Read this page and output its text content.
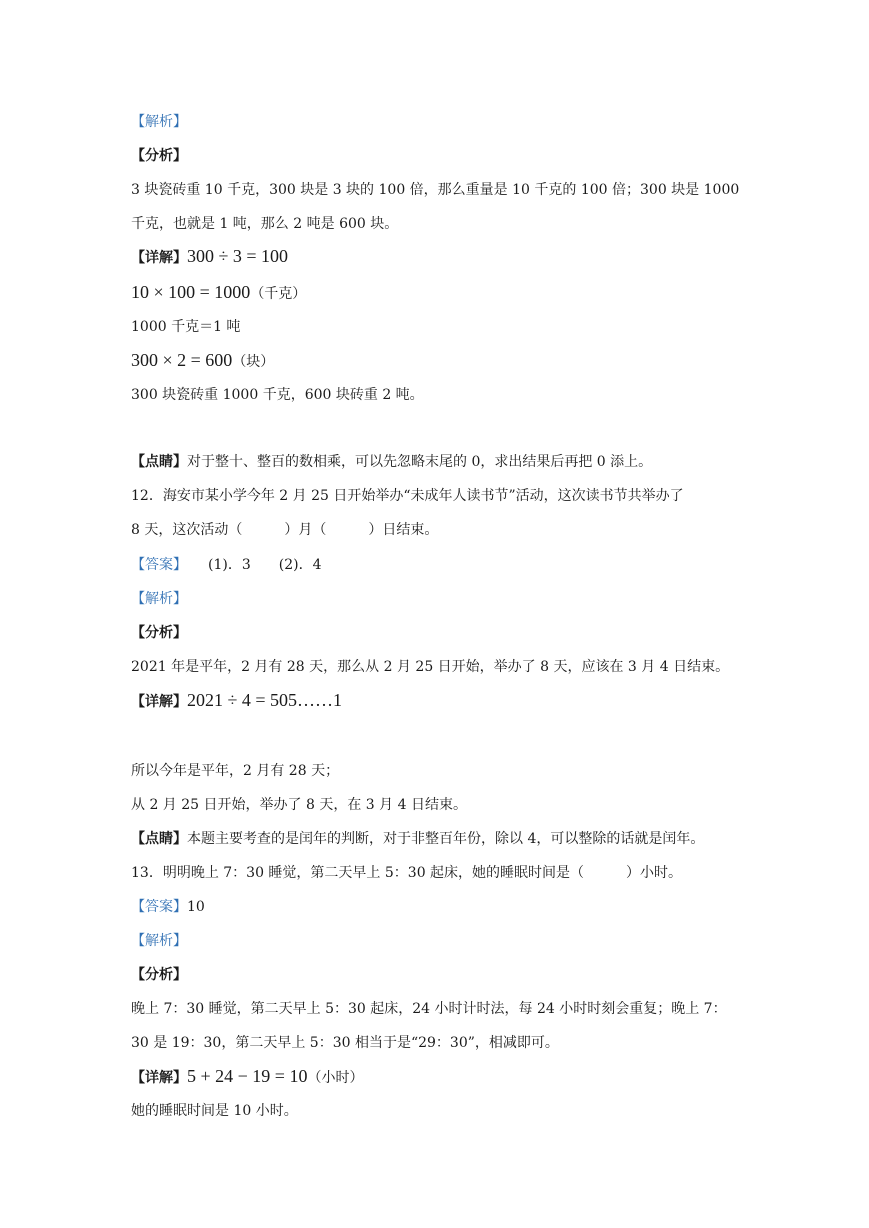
【解析】
【分析】
3 块瓷砖重 10 千克，300 块是 3 块的 100 倍，那么重量是 10 千克的 100 倍；300 块是 1000
千克，也就是 1 吨，那么 2 吨是 600 块。
【详解】300 ÷ 3 = 100
10 × 100 = 1000（千克）
1000 千克＝1 吨
300 × 2 = 600（块）
300 块瓷砖重 1000 千克，600 块砖重 2 吨。
【点睛】对于整十、整百的数相乘，可以先忽略末尾的 0，求出结果后再把 0 添上。
12．海安市某小学今年 2 月 25 日开始举办“未成年人读书节”活动，这次读书节共举办了
8 天，这次活动（　　　）月（　　　）日结束。
【答案】　　(1)．3　　(2)．4
【解析】
【分析】
2021 年是平年，2 月有 28 天，那么从 2 月 25 日开始，举办了 8 天，应该在 3 月 4 日结束。
【详解】2021 ÷ 4 = 505……1
所以今年是平年，2 月有 28 天；
从 2 月 25 日开始，举办了 8 天，在 3 月 4 日结束。
【点睛】本题主要考查的是闰年的判断，对于非整百年份，除以 4，可以整除的话就是闰年。
13．明明晚上 7：30 睡觉，第二天早上 5：30 起床，她的睡眠时间是（　　　）小时。
【答案】10
【解析】
【分析】
晚上 7：30 睡觉，第二天早上 5：30 起床，24 小时计时法，每 24 小时时刻会重复；晚上 7：
30 是 19：30，第二天早上 5：30 相当于是“29：30”，相减即可。
【详解】5 + 24 − 19 = 10（小时）
她的睡眠时间是 10 小时。
